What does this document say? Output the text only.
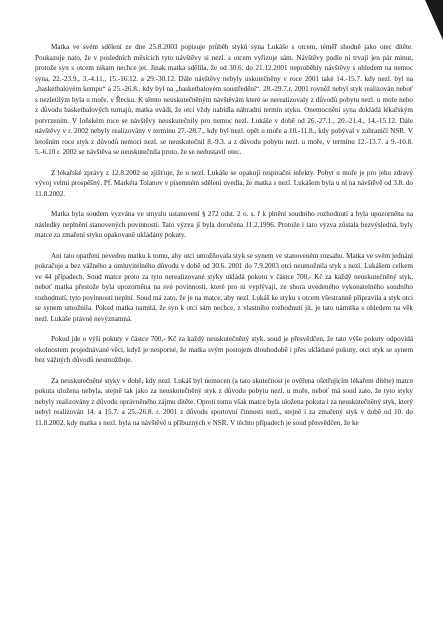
Matka ve svém sdělení ze dne 25.8.2003 popisuje průběh styků syna Lukáše s otcem, téměř shodně jako otec dítěte. Poukazuje nato, že v posledních měsících tyto návštěvy si nezl. s otcem vyřizuje sám. Návštěvy podle ní trvají jen pár minut, protože syn s otcem nikam nechce jet. Jinak matka sdělila, že od 30.6. do 21.12.2001 neproběhly návštěvy s ohledem na nemoc syna, 22.-23.9., 3.-4.11., 15.-16.12. a 29.-30.12. Dále návštěvy nebyly uskutečněny v roce 2001 také 14.-15.7. kdy nezl. byl na „basketbalovém kempu“ a 25.-26.8.. kdy byl na „basketbalovém soustředění“. 28.-29.7.r. 2001 rovněž nebyl styk realizován neboť s nezletilým byla u moře, v Řecku. K těmto neuskutečněným návštěvám které se nerealizovaly z důvodů pobytu nezl. u moře nebo z důvodu basketbalových turnajů, matka uvádí, že otci vždy nabídla náhradní termín styku. Onemocnění syna dokládá lékařským potvrzením. V loňském roce se návštěvy neuskutečnily pro nemoc nezl. Lukáše v době od 26.-27.1., 20.-21.4., 14.-15.12. Dále návštěvy v r. 2002 nebyly realizovány v termínu 27.-28.7., kdy byl nezl. opět u moře a 10.-11.8., kdy pobýval v zahraničí NSR. V letošním roce styk z důvodů nemoci nezl. se neuskutečnil 8.-9.3. a z důvodu pobytu nezl. u moře, v termínu 12.-13.7. a 9.-10.8. 5.-6.10 r. 2002 se návštěva se neuskutečnila proto, že se nedostavil otec.

Z lékařské zprávy z 12.8.2002 se zjišťuje, že u nezl. Lukáše se opakují respirační infekty. Pobyt u moře je pro jeho zdravý vývoj velmi prospěšný. Pf. Markéta Tolanov v písemném sdělení uvedla, že matka s nezl. Lukášem byla u ní na návštěvě od 3.8. do 11.8.2002.

Matka byla soudem vyzvána ve smyslu ustanovení § 272 odst. 2 o. s. ř k plnění soudního rozhodnutí a byla upozorněna na následky neplnění stanovených povinností. Tato výzva jí byla doručena 11.2.1996. Protože i tato výzva zůstala bezvýsledná, byly matce za zmaření styku opakovaně ukládány pokuty.

Ani tato opatření nevedou matku k tomu, aby otci umožňovala styk se synem ve stanoveném rozsahu. Matka ve svém jednání pokračuje a bez vážného a omluvitelného důvodu v době od 30.6. 2001 do 7.9.2003 otci neumožnila styk s nezl. Lukášem celkem ve 44 případech. Soud matce proto za tyto nerealizované styky ukládá pokutu v částce 700,- Kč za každý neuskutečněný styk, neboť matka přestože byla upozorněna na své povinnosti, které pro ni vyplývají, ze shora uvedeného vykonatelného soudního rozhodnutí, tyto povinnosti neplní. Soud má zato, že je na matce, aby nezl. Lukáš ke styku s otcem všestranně připravila a styk otci se synem umožnila. Pokud matka namítá, že syn k otci sám nechce, z vlastního rozhodnutí jít, je tato námitka s ohledem na věk nezl. Lukáše právně nevýznamná.

Pokud jde o výši pokuty v částce 700,- Kč za každý neuskutečněný styk, soud je přesvědčen, že tato výše pokuty odpovídá okolnostem projednávané věci, když je nesporné, že matka svým postojem dlouhodobě i přes ukládané pokuty, otci styk se synem bez vážných důvodů neumožňuje.

Za neuskutečněné styky v době, kdy nezl. Lukáš byl nemocen (a tato skutečnost je ověřena ošetřujícím lékařem dítěte) matce pokuta uložena nebyla, stejně tak jako za neuskutečněný styk z důvodu pobytu nezl. u moře, neboť má soud zato, že tyto styky nebyly realizovány z důvodu oprávněného zájmu dítěte. Oproti tomu však matce byla uložena pokuta i za neuskutečněný styk, který nebyl realizován 14. a 15.7. a 25.-26.8. r. 2001 z důvodu sportovní činnosti nezl., stejně i za zmařený styk v době od 10. do 11.8.2002, kdy matka s nezl. byla na návštěvě u příbuzných v NSR. V těchto případech je soud přesvědčen, že ke
